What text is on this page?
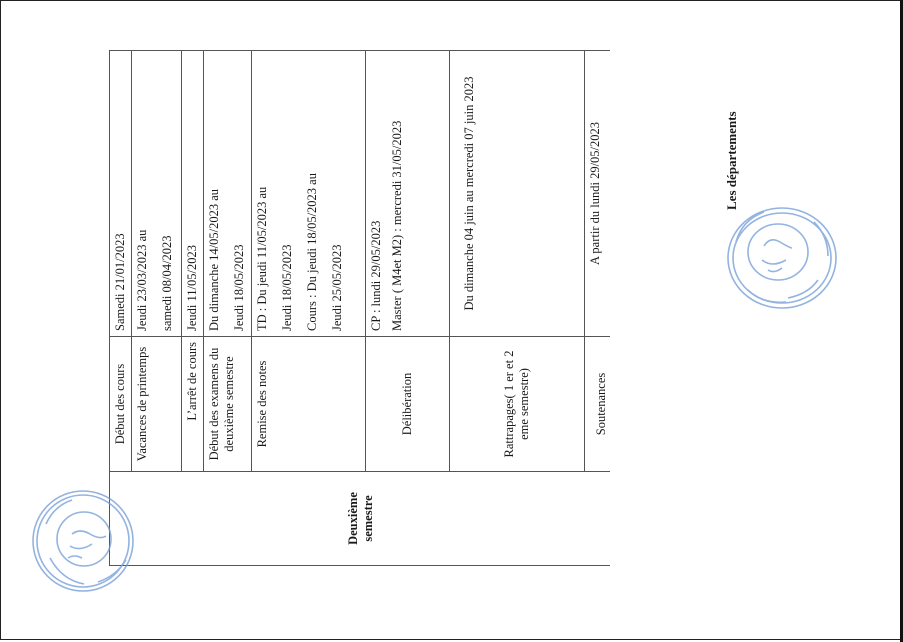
Deuxième
semestre	Début des cours	Samedi 21/01/2023
	Vacances de printemps	Jeudi 23/03/2023 au samedi 08/04/2023
	L’arrêt de cours	Jeudi 11/05/2023
	Début des examens du deuxième semestre	Du dimanche 14/05/2023 au Jeudi 18/05/2023
	Remise des notes	TD : Du jeudi 11/05/2023 au Jeudi 18/05/2023 Cours : Du jeudi 18/05/2023 au Jeudi 25/05/2023
	Délibération	CP : lundi 29/05/2023 Master ( M4et M2) : mercredi 31/05/2023
	Rattrapages( 1 er et 2 eme semestre)	Du dimanche 04 juin au mercredi 07 juin 2023
	Soutenances	A partir du lundi 29/05/2023	Les départements
